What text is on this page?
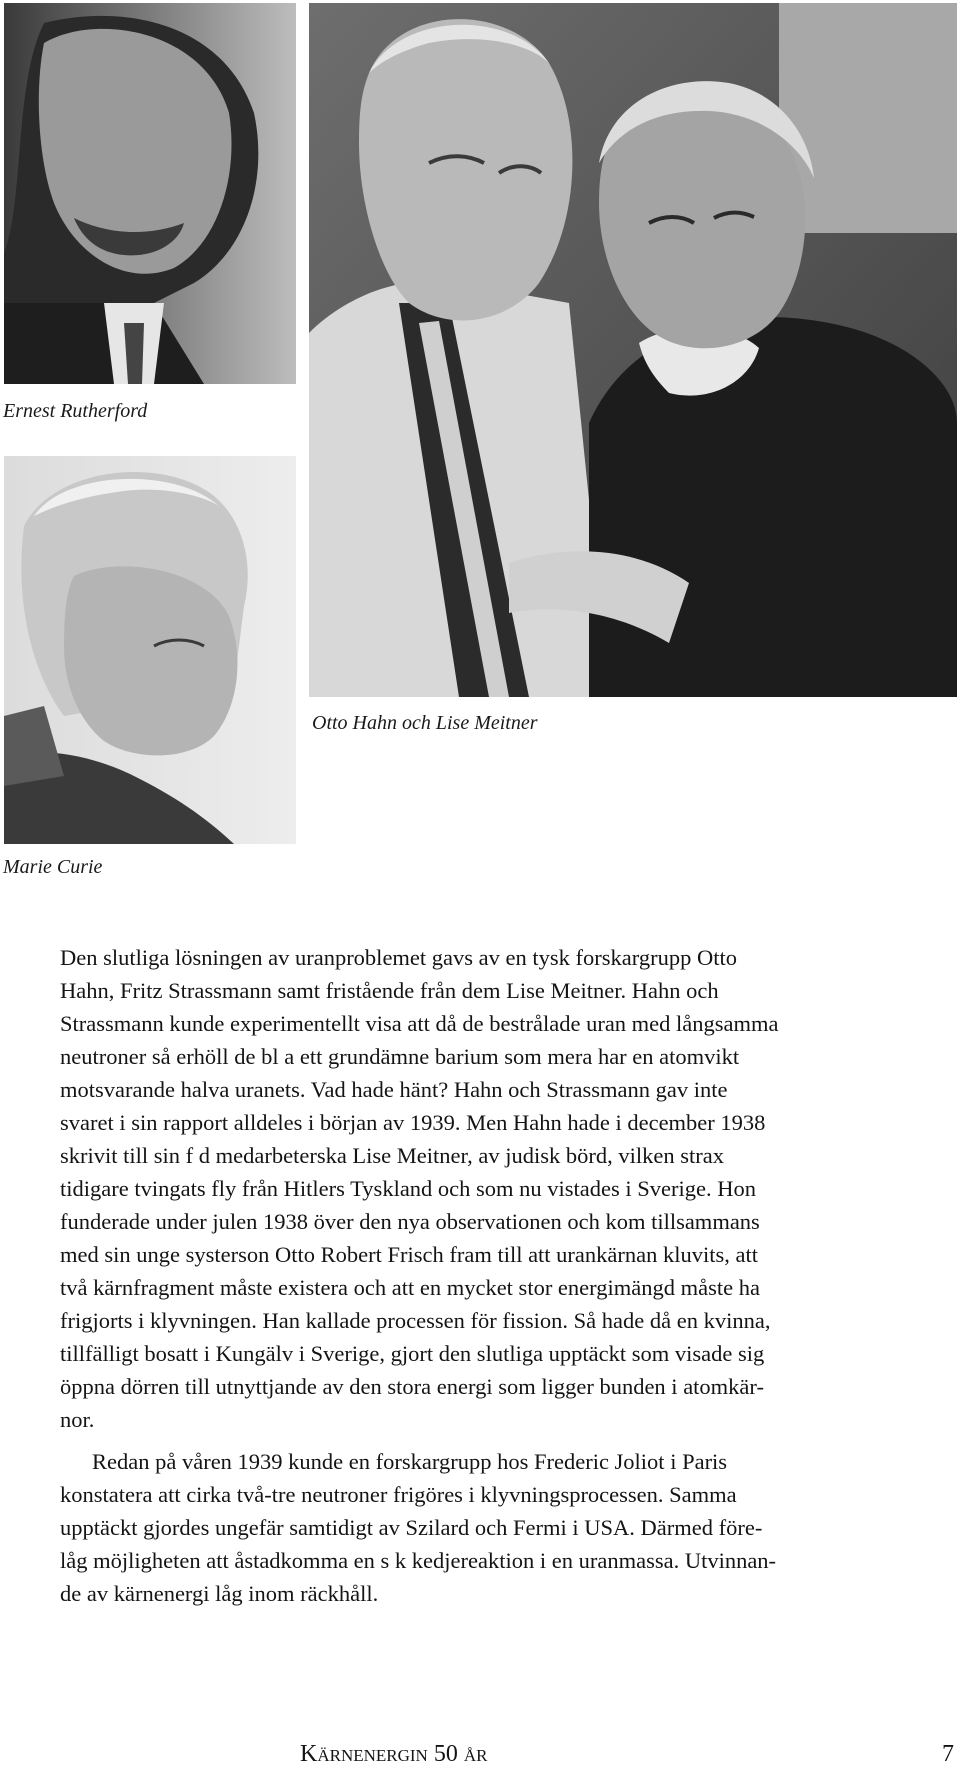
Ernest Rutherford
Otto Hahn och Lise Meitner
Marie Curie

Den slutliga lösningen av uranproblemet gavs av en tysk forskargrupp Otto
Hahn, Fritz Strassmann samt fristående från dem Lise Meitner. Hahn och
Strassmann kunde experimentellt visa att då de bestrålade uran med långsamma
neutroner så erhöll de bl a ett grundämne barium som mera har en atomvikt
motsvarande halva uranets. Vad hade hänt? Hahn och Strassmann gav inte
svaret i sin rapport alldeles i början av 1939. Men Hahn hade i december 1938
skrivit till sin f d medarbeterska Lise Meitner, av judisk börd, vilken strax
tidigare tvingats fly från Hitlers Tyskland och som nu vistades i Sverige. Hon
funderade under julen 1938 över den nya observationen och kom tillsammans
med sin unge systerson Otto Robert Frisch fram till att urankärnan kluvits, att
två kärnfragment måste existera och att en mycket stor energimängd måste ha
frigjorts i klyvningen. Han kallade processen för fission. Så hade då en kvinna,
tillfälligt bosatt i Kungälv i Sverige, gjort den slutliga upptäckt som visade sig
öppna dörren till utnyttjande av den stora energi som ligger bunden i atomkär-
nor.

Redan på våren 1939 kunde en forskargrupp hos Frederic Joliot i Paris
konstatera att cirka två-tre neutroner frigöres i klyvningsprocessen. Samma
upptäckt gjordes ungefär samtidigt av Szilard och Fermi i USA. Därmed före-
låg möjligheten att åstadkomma en s k kedjereaktion i en uranmassa. Utvinnan-
de av kärnenergi låg inom räckhåll.

Kärnenergin 50 år	7
